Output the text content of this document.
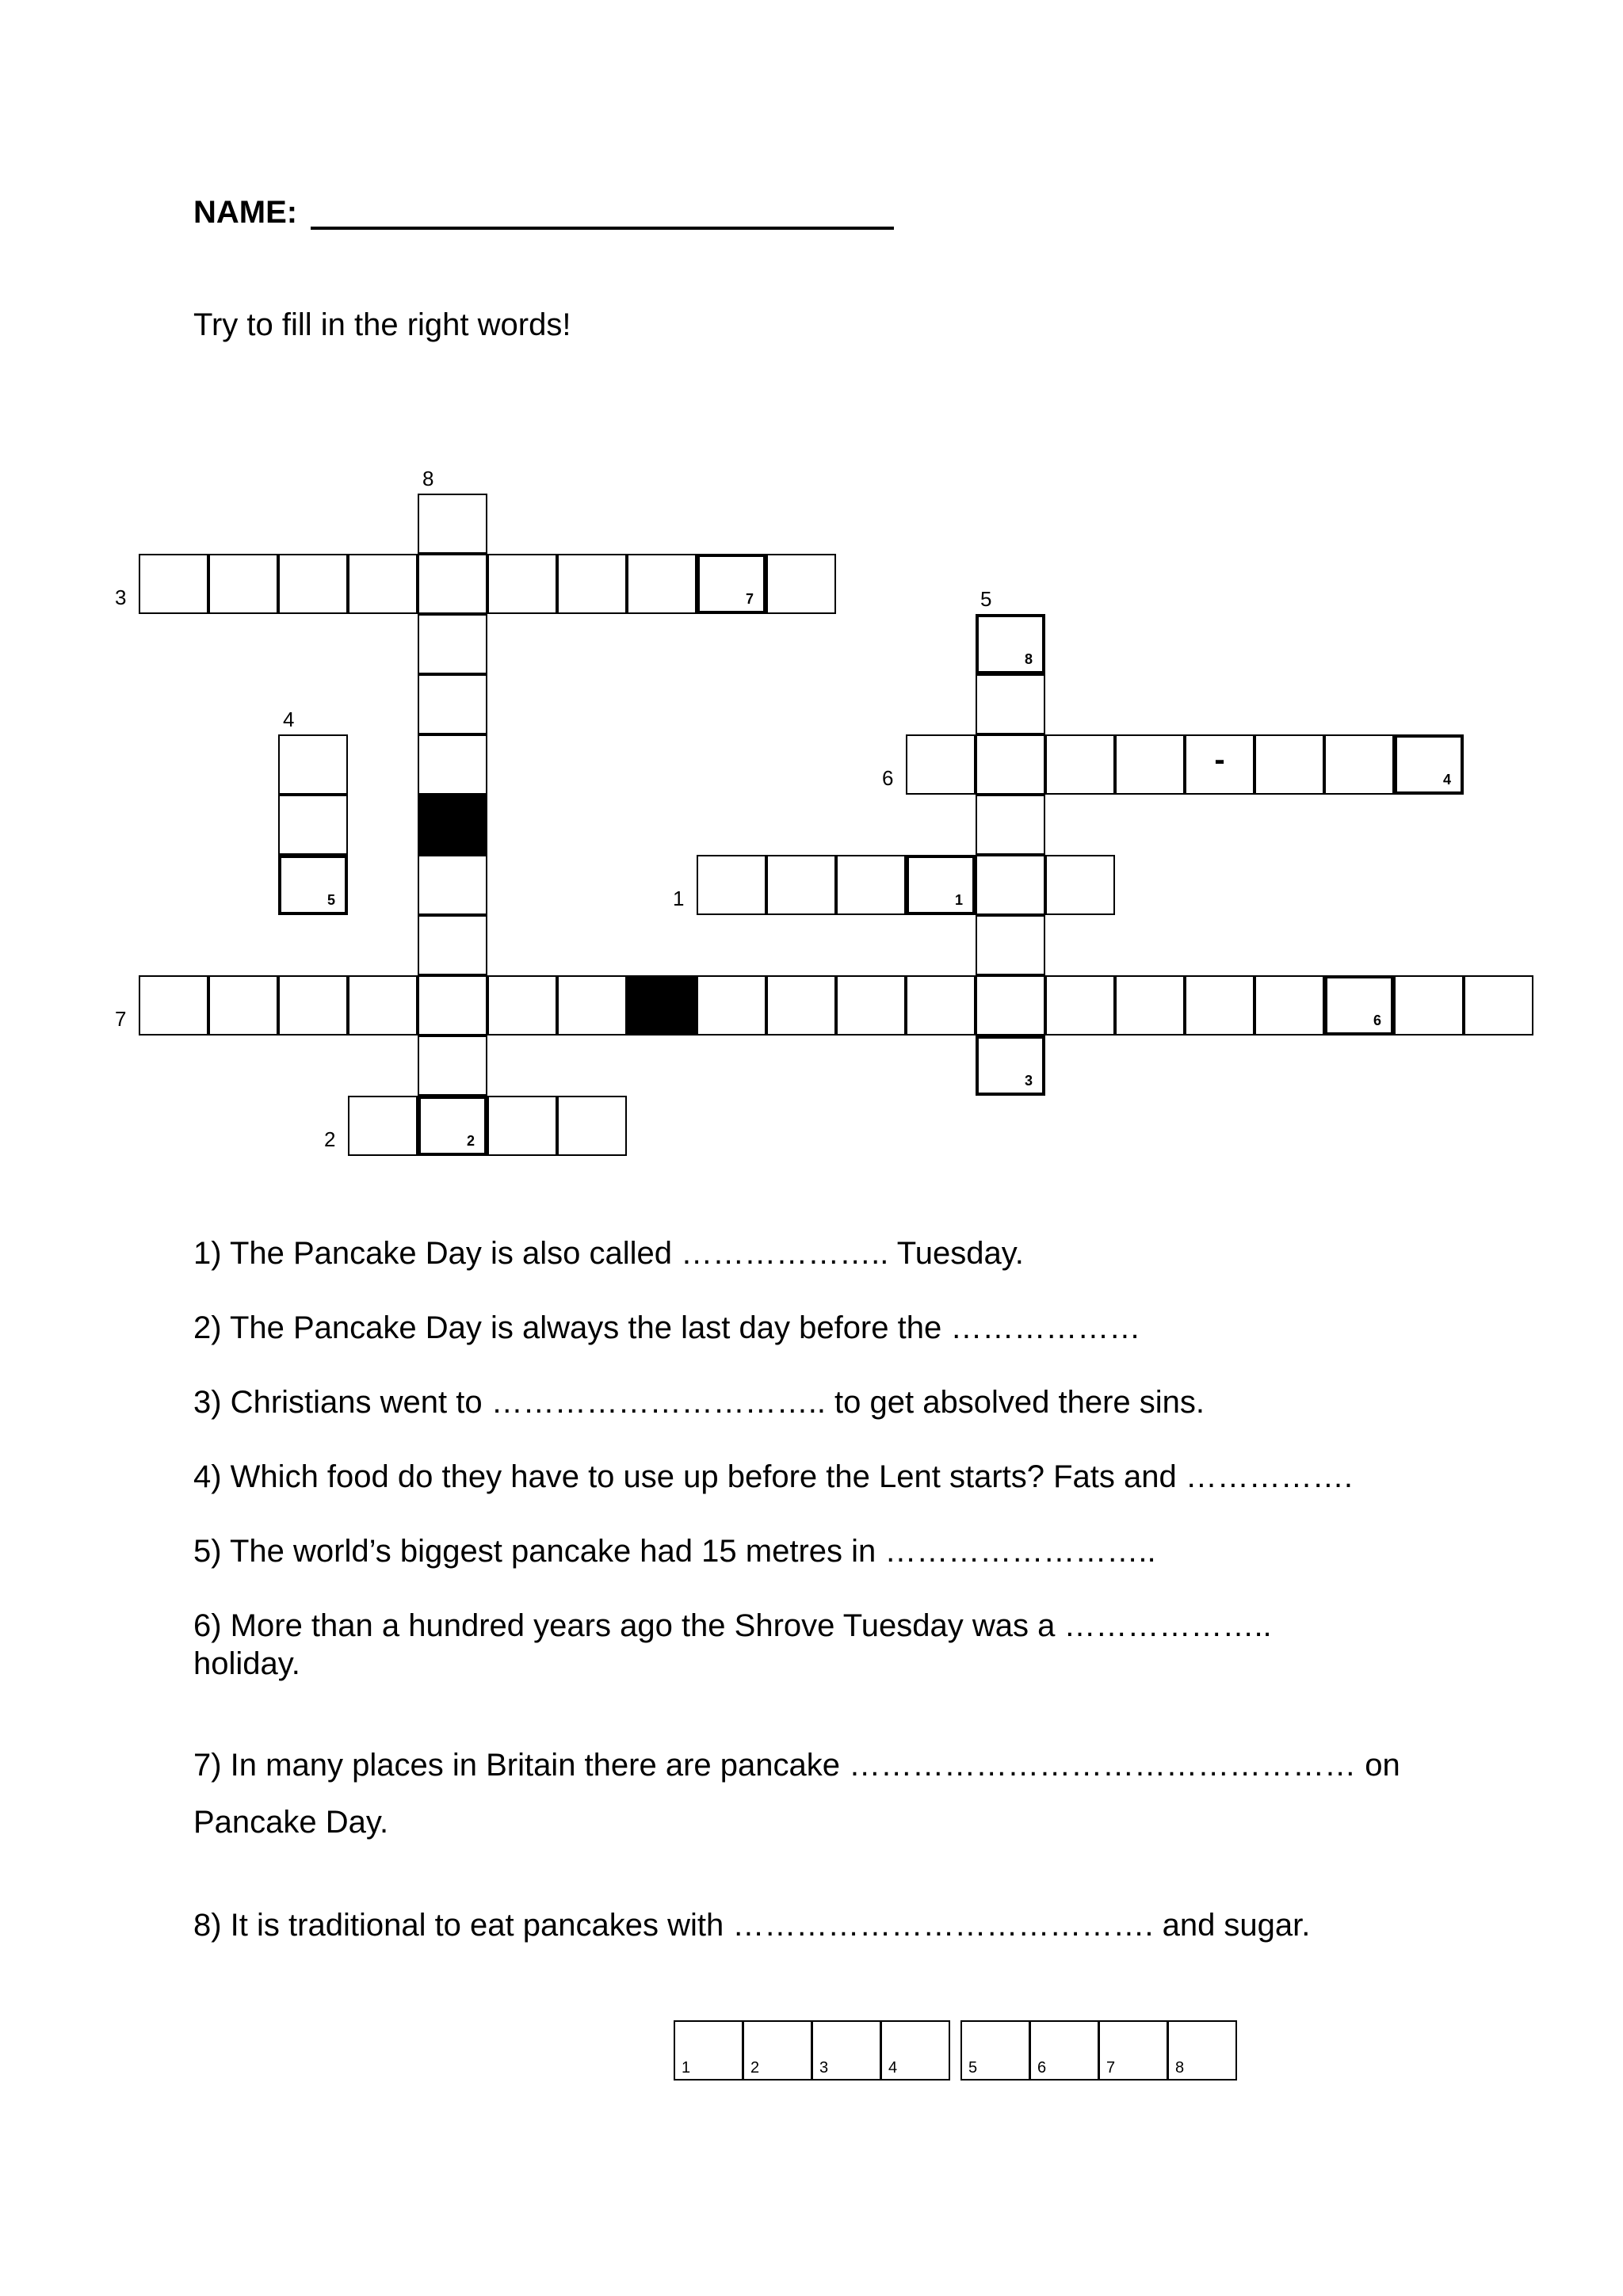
NAME:
Try to fill in the right words!
1
2
7
5
8
3
-
4
6
1
2
3
4
5
6
7
8
1) The Pancake Day is also called ……………….. Tuesday.
2) The Pancake Day is always the last day before the ………………
3) Christians went to ………………………….. to get absolved there sins.
4) Which food do they have to use up before the Lent starts? Fats and …………….
5) The world’s biggest pancake had 15 metres in ……………………..
6) More than a hundred years ago the Shrove Tuesday was a ……………….. holiday.
7) In many places in Britain there are pancake ………………………………………… on Pancake Day.
8) It is traditional to eat pancakes with …………………………………. and sugar.
1	2	3	4	5	6	7	8
